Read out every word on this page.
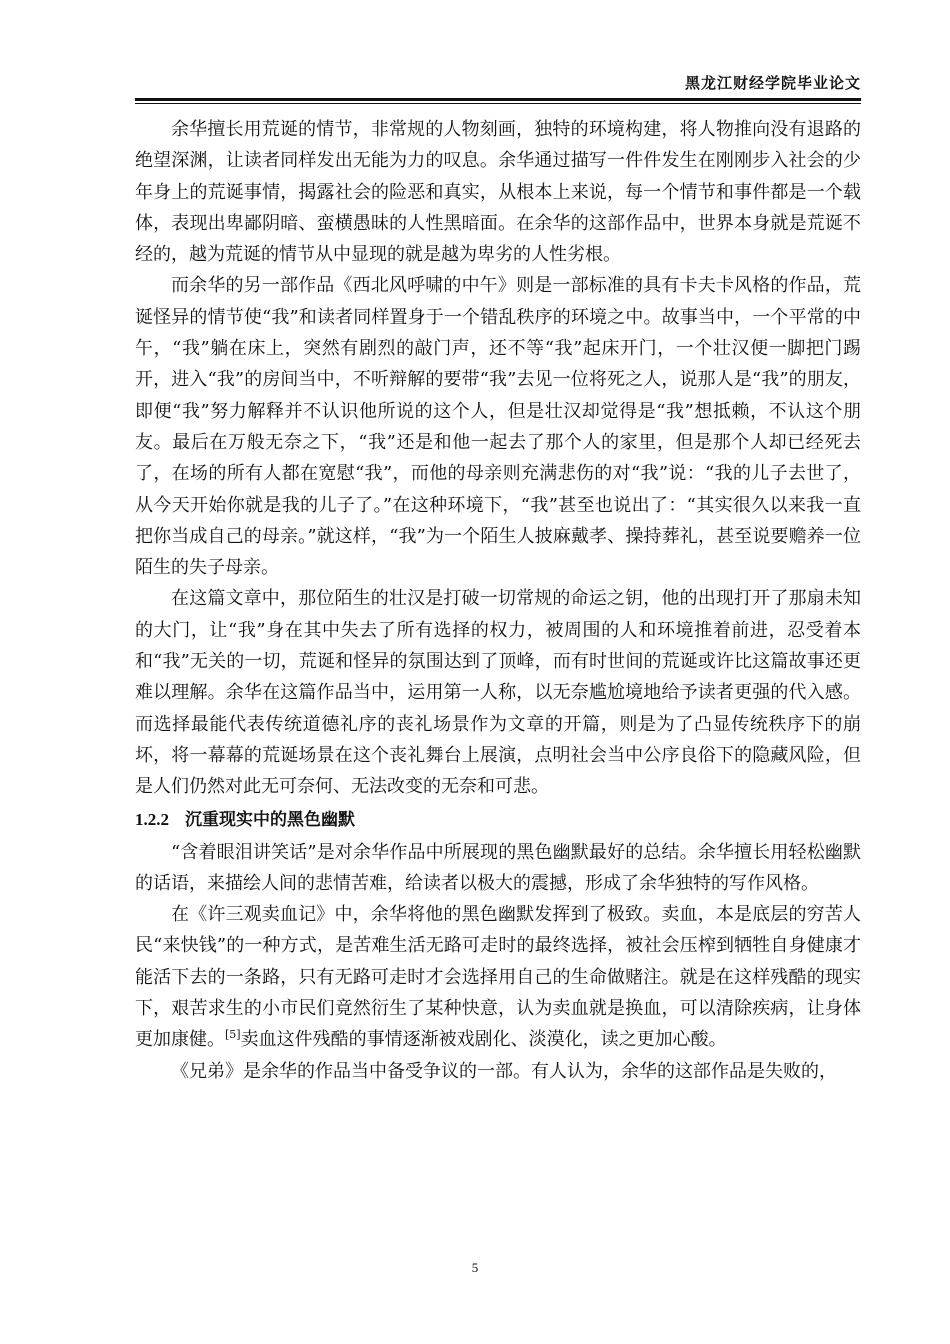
黑龙江财经学院毕业论文

余华擅长用荒诞的情节，非常规的人物刻画，独特的环境构建，将人物推向没有退路的绝望深渊，让读者同样发出无能为力的叹息。余华通过描写一件件发生在刚刚步入社会的少年身上的荒诞事情，揭露社会的险恶和真实，从根本上来说，每一个情节和事件都是一个载体，表现出卑鄙阴暗、蛮横愚昧的人性黑暗面。在余华的这部作品中，世界本身就是荒诞不经的，越为荒诞的情节从中显现的就是越为卑劣的人性劣根。

而余华的另一部作品《西北风呼啸的中午》则是一部标准的具有卡夫卡风格的作品，荒诞怪异的情节使“我”和读者同样置身于一个错乱秩序的环境之中。故事当中，一个平常的中午，“我”躺在床上，突然有剧烈的敲门声，还不等“我”起床开门，一个壮汉便一脚把门踢开，进入“我”的房间当中，不听辩解的要带“我”去见一位将死之人，说那人是“我”的朋友，即便“我”努力解释并不认识他所说的这个人，但是壮汉却觉得是“我”想抵赖，不认这个朋友。最后在万般无奈之下，“我”还是和他一起去了那个人的家里，但是那个人却已经死去了，在场的所有人都在宽慰“我”，而他的母亲则充满悲伤的对“我”说：“我的儿子去世了，从今天开始你就是我的儿子了。”在这种环境下，“我”甚至也说出了：“其实很久以来我一直把你当成自己的母亲。”就这样，“我”为一个陌生人披麻戴孝、操持葬礼，甚至说要赡养一位陌生的失子母亲。

在这篇文章中，那位陌生的壮汉是打破一切常规的命运之钥，他的出现打开了那扇未知的大门，让“我”身在其中失去了所有选择的权力，被周围的人和环境推着前进，忍受着本和“我”无关的一切，荒诞和怪异的氛围达到了顶峰，而有时世间的荒诞或许比这篇故事还更难以理解。余华在这篇作品当中，运用第一人称，以无奈尴尬境地给予读者更强的代入感。而选择最能代表传统道德礼序的丧礼场景作为文章的开篇，则是为了凸显传统秩序下的崩坏，将一幕幕的荒诞场景在这个丧礼舞台上展演，点明社会当中公序良俗下的隐藏风险，但是人们仍然对此无可奈何、无法改变的无奈和可悲。

1.2.2 沉重现实中的黑色幽默

“含着眼泪讲笑话”是对余华作品中所展现的黑色幽默最好的总结。余华擅长用轻松幽默的话语，来描绘人间的悲情苦难，给读者以极大的震撼，形成了余华独特的写作风格。

在《许三观卖血记》中，余华将他的黑色幽默发挥到了极致。卖血，本是底层的穷苦人民“来快钱”的一种方式，是苦难生活无路可走时的最终选择，被社会压榨到牺牲自身健康才能活下去的一条路，只有无路可走时才会选择用自己的生命做赌注。就是在这样残酷的现实下，艰苦求生的小市民们竟然衍生了某种快意，认为卖血就是换血，可以清除疾病，让身体更加康健。[5]卖血这件残酷的事情逐渐被戏剧化、淡漠化，读之更加心酸。

《兄弟》是余华的作品当中备受争议的一部。有人认为，余华的这部作品是失败的，

5
